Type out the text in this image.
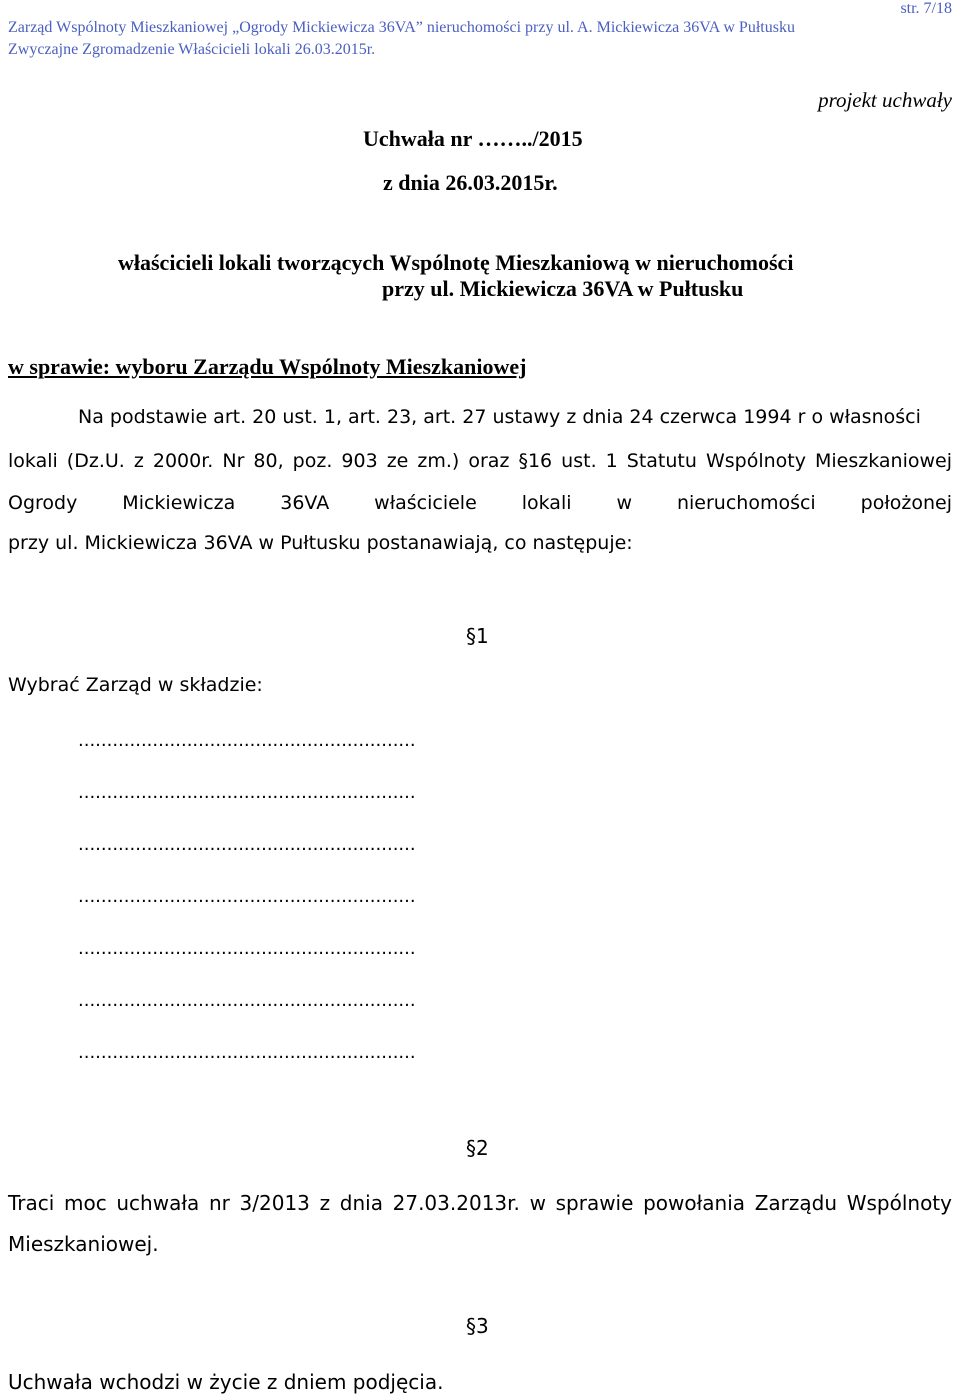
str. 7/18
Zarząd Wspólnoty Mieszkaniowej „Ogrody Mickiewicza 36VA” nieruchomości przy ul. A. Mickiewicza 36VA w Pułtusku
Zwyczajne Zgromadzenie Właścicieli lokali 26.03.2015r.
projekt uchwały
Uchwała nr ……../2015
z dnia 26.03.2015r.
właścicieli lokali tworzących Wspólnotę Mieszkaniową w nieruchomości
przy ul. Mickiewicza 36VA w Pułtusku
w sprawie: wyboru Zarządu Wspólnoty Mieszkaniowej
Na podstawie art. 20 ust. 1, art. 23, art. 27 ustawy z dnia 24 czerwca 1994 r o własności
lokali (Dz.U. z 2000r. Nr 80, poz. 903 ze zm.) oraz §16 ust. 1 Statutu Wspólnoty Mieszkaniowej
Ogrody Mickiewicza 36VA właściciele lokali w nieruchomości położonej
przy ul. Mickiewicza 36VA w Pułtusku postanawiają, co następuje:
§1
Wybrać Zarząd w składzie:
...........................................................
...........................................................
...........................................................
...........................................................
...........................................................
...........................................................
...........................................................
§2
Traci moc uchwała nr 3/2013 z dnia 27.03.2013r. w sprawie powołania Zarządu Wspólnoty
Mieszkaniowej.
§3
Uchwała wchodzi w życie z dniem podjęcia.
